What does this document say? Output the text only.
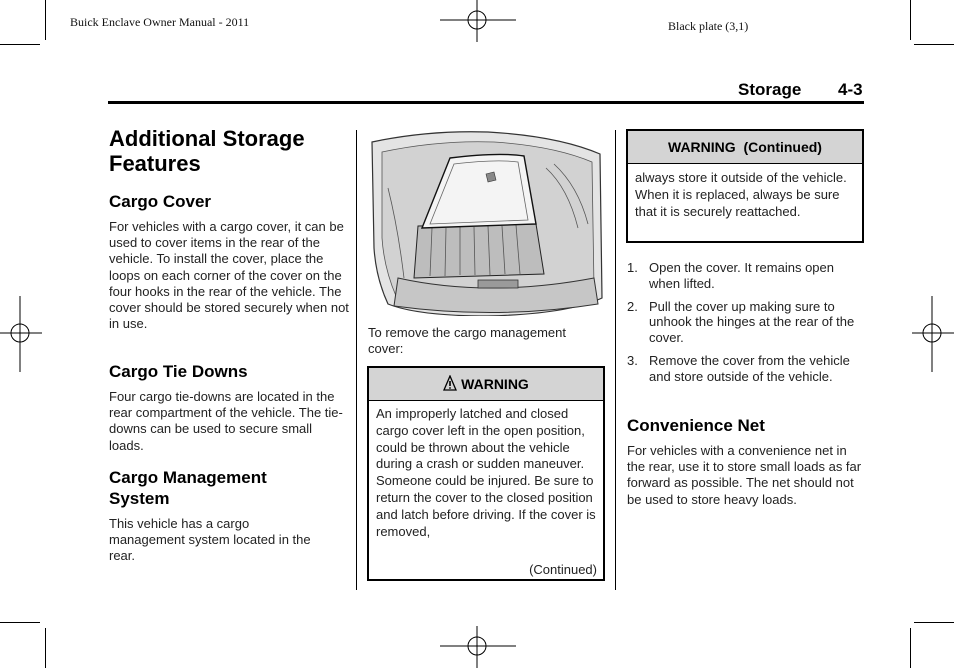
Buick Enclave Owner Manual - 2011	Black plate (3,1)
Storage 4-3
Additional Storage Features
Cargo Cover

For vehicles with a cargo cover, it can be used to cover items in the rear of the vehicle. To install the cover, place the loops on each corner of the cover on the four hooks in the rear of the vehicle. The cover should be stored securely when not in use.

Cargo Tie Downs

Four cargo tie-downs are located in the rear compartment of the vehicle. The tie-downs can be used to secure small loads.

Cargo Management System

This vehicle has a cargo management system located in the rear.

To remove the cargo management cover:

WARNING
An improperly latched and closed cargo cover left in the open position, could be thrown about the vehicle during a crash or sudden maneuver. Someone could be injured. Be sure to return the cover to the closed position and latch before driving. If the cover is removed,
(Continued)
WARNING  (Continued)
always store it outside of the vehicle. When it is replaced, always be sure that it is securely reattached.
1. Open the cover. It remains open when lifted.
2. Pull the cover up making sure to unhook the hinges at the rear of the cover.
3. Remove the cover from the vehicle and store outside of the vehicle.
Convenience Net

For vehicles with a convenience net in the rear, use it to store small loads as far forward as possible. The net should not be used to store heavy loads.
